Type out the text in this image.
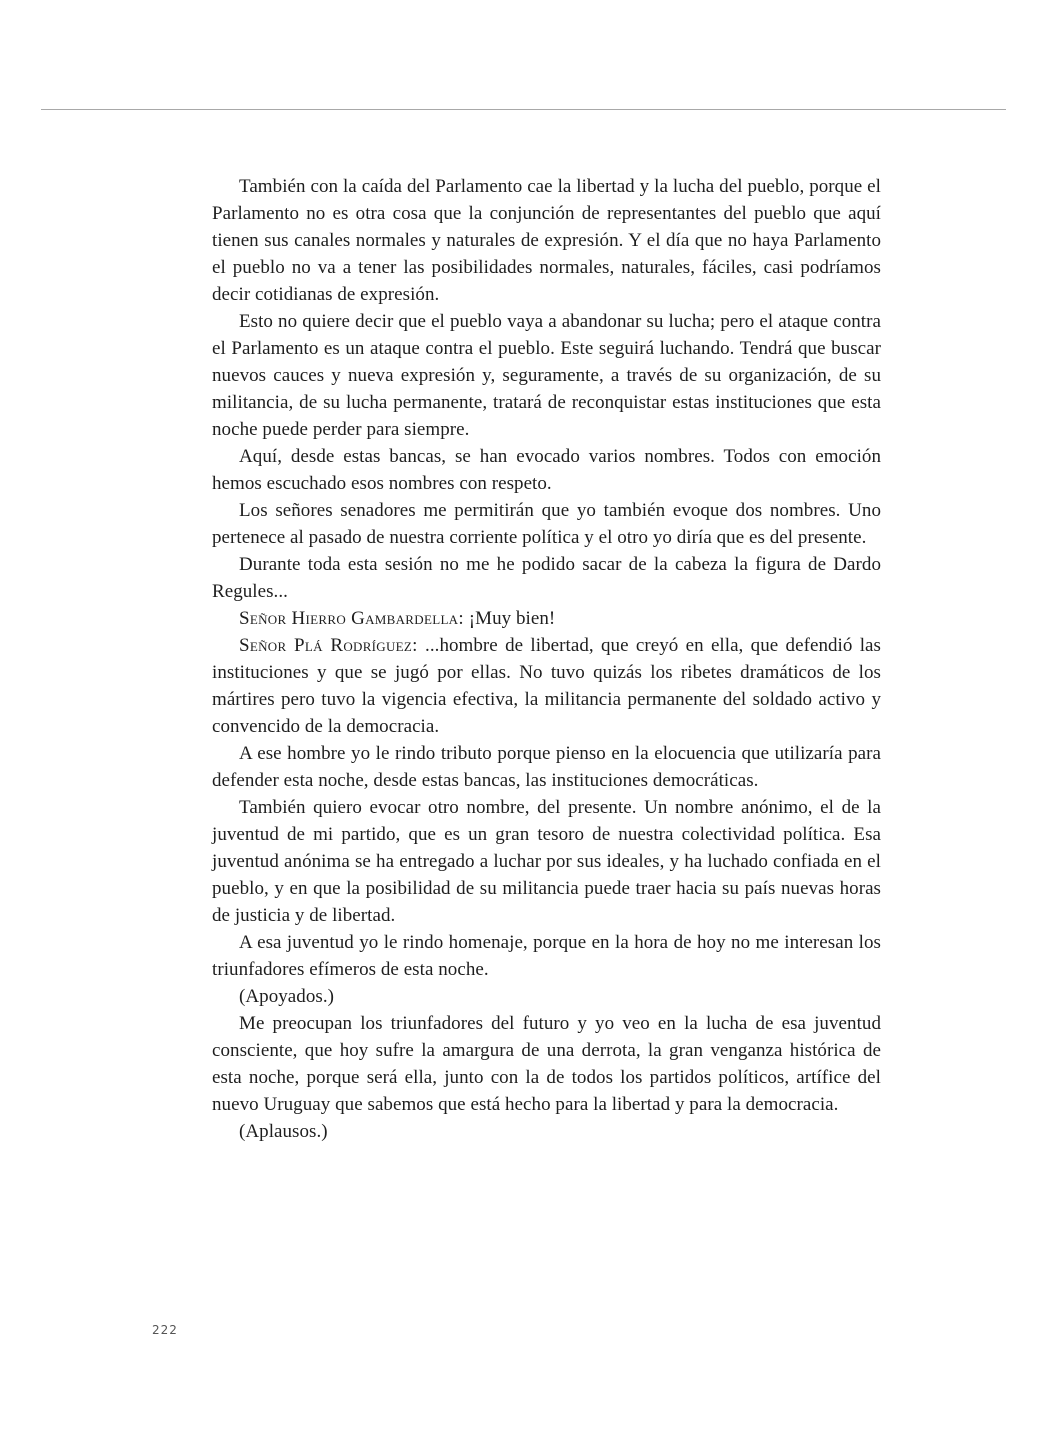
También con la caída del Parlamento cae la libertad y la lucha del pueblo, porque el Parlamento no es otra cosa que la conjunción de representantes del pueblo que aquí tienen sus canales normales y naturales de expresión. Y el día que no haya Parlamento el pueblo no va a tener las posibilidades normales, naturales, fáciles, casi podríamos decir cotidianas de expresión.

Esto no quiere decir que el pueblo vaya a abandonar su lucha; pero el ataque contra el Parlamento es un ataque contra el pueblo. Este seguirá luchando. Tendrá que buscar nuevos cauces y nueva expresión y, seguramente, a través de su organización, de su militancia, de su lucha permanente, tratará de reconquistar estas instituciones que esta noche puede perder para siempre.

Aquí, desde estas bancas, se han evocado varios nombres. Todos con emoción hemos escuchado esos nombres con respeto.

Los señores senadores me permitirán que yo también evoque dos nombres. Uno pertenece al pasado de nuestra corriente política y el otro yo diría que es del presente.

Durante toda esta sesión no me he podido sacar de la cabeza la figura de Dardo Regules...

Señor Hierro Gambardella: ¡Muy bien!

Señor Plá Rodríguez: ...hombre de libertad, que creyó en ella, que defendió las instituciones y que se jugó por ellas. No tuvo quizás los ribetes dramáticos de los mártires pero tuvo la vigencia efectiva, la militancia permanente del soldado activo y convencido de la democracia.

A ese hombre yo le rindo tributo porque pienso en la elocuencia que utilizaría para defender esta noche, desde estas bancas, las instituciones democráticas.

También quiero evocar otro nombre, del presente. Un nombre anónimo, el de la juventud de mi partido, que es un gran tesoro de nuestra colectividad política. Esa juventud anónima se ha entregado a luchar por sus ideales, y ha luchado confiada en el pueblo, y en que la posibilidad de su militancia puede traer hacia su país nuevas horas de justicia y de libertad.

A esa juventud yo le rindo homenaje, porque en la hora de hoy no me interesan los triunfadores efímeros de esta noche.

(Apoyados.)

Me preocupan los triunfadores del futuro y yo veo en la lucha de esa juventud consciente, que hoy sufre la amargura de una derrota, la gran venganza histórica de esta noche, porque será ella, junto con la de todos los partidos políticos, artífice del nuevo Uruguay que sabemos que está hecho para la libertad y para la democracia.

(Aplausos.)

222
